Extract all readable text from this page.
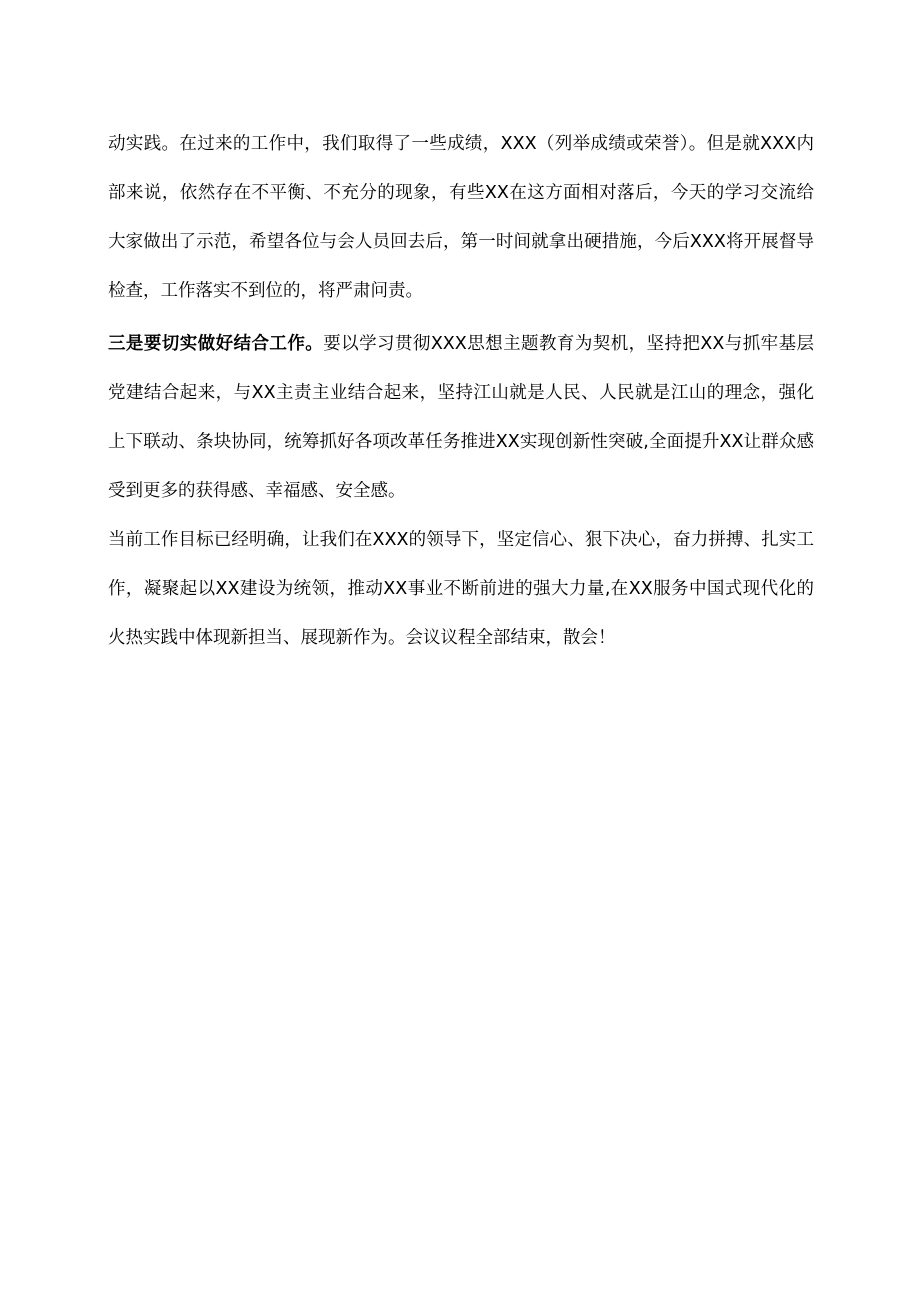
动实践。在过来的工作中，我们取得了一些成绩，XXX（列举成绩或荣誉）。但是就XXX内部来说，依然存在不平衡、不充分的现象，有些XX在这方面相对落后，今天的学习交流给大家做出了示范，希望各位与会人员回去后，第一时间就拿出硬措施，今后XXX将开展督导检查，工作落实不到位的，将严肃问责。

三是要切实做好结合工作。要以学习贯彻XXX思想主题教育为契机，坚持把XX与抓牢基层党建结合起来，与XX主责主业结合起来，坚持江山就是人民、人民就是江山的理念，强化上下联动、条块协同，统筹抓好各项改革任务推进XX实现创新性突破,全面提升XX让群众感受到更多的获得感、幸福感、安全感。

当前工作目标已经明确，让我们在XXX的领导下，坚定信心、狠下决心，奋力拼搏、扎实工作，凝聚起以XX建设为统领，推动XX事业不断前进的强大力量,在XX服务中国式现代化的火热实践中体现新担当、展现新作为。会议议程全部结束，散会！
